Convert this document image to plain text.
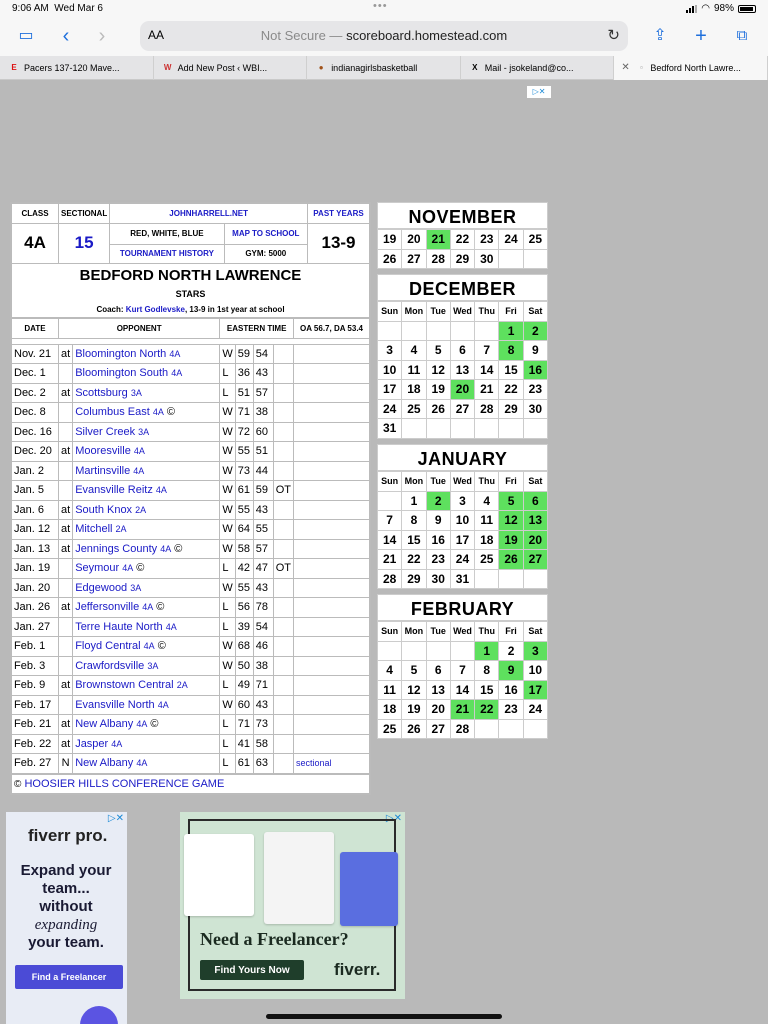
9:06 AM Wed Mar 6	•••	◠ 98%
▭	‹	›	AA	Not Secure — scoreboard.homestead.com	↻	⇪	+	⧉
E Pacers 137-120 Mave...	W Add New Post ‹ WBI...	● indianagirlsbasketball	X Mail - jsokeland@co...	✕	▫ Bedford North Lawre...
▷✕
CLASS	SECTIONAL	JOHNHARRELL.NET		PAST YEARS
4A	15	RED, WHITE, BLUE	MAP TO SCHOOL	13-9
		TOURNAMENT HISTORY	GYM: 5000	

BEDFORD NORTH LAWRENCE
STARS
Coach: Kurt Godlevske, 13-9 in 1st year at school				
DATE	OPPONENT		EASTERN TIME				OA 56.7, DA 53.4

Nov. 21	at	Bloomington North 4A	W	59	54		
Dec. 1		Bloomington South 4A	L	36	43		
Dec. 2	at	Scottsburg 3A	L	51	57		
Dec. 8		Columbus East 4A ©	W	71	38		
Dec. 16		Silver Creek 3A	W	72	60		
Dec. 20	at	Mooresville 4A	W	55	51		
Jan. 2		Martinsville 4A	W	73	44		
Jan. 5		Evansville Reitz 4A	W	61	59	OT	
Jan. 6	at	South Knox 2A	W	55	43		
Jan. 12	at	Mitchell 2A	W	64	55		
Jan. 13	at	Jennings County 4A ©	W	58	57		
Jan. 19		Seymour 4A ©	L	42	47	OT	
Jan. 20		Edgewood 3A	W	55	43		
Jan. 26	at	Jeffersonville 4A ©	L	56	78		
Jan. 27		Terre Haute North 4A	L	39	54		
Feb. 1		Floyd Central 4A ©	W	68	46		
Feb. 3		Crawfordsville 3A	W	50	38		
Feb. 9	at	Brownstown Central 2A	L	49	71		
Feb. 17		Evansville North 4A	W	60	43		
Feb. 21	at	New Albany 4A ©	L	71	73		
Feb. 22	at	Jasper 4A	L	41	58		
Feb. 27	N	New Albany 4A	L	61	63		sectional
© HOOSIER HILLS CONFERENCE GAME
NOVEMBER
19	20	21	22	23	24	25
26	27	28	29	30		
DECEMBER
Sun	Mon	Tue	Wed	Thu	Fri	Sat
					1	2
3	4	5	6	7	8	9
10	11	12	13	14	15	16
17	18	19	20	21	22	23
24	25	26	27	28	29	30
31						
JANUARY
Sun	Mon	Tue	Wed	Thu	Fri	Sat
	1	2	3	4	5	6
7	8	9	10	11	12	13
14	15	16	17	18	19	20
21	22	23	24	25	26	27
28	29	30	31			
FEBRUARY
Sun	Mon	Tue	Wed	Thu	Fri	Sat
				1	2	3
4	5	6	7	8	9	10
11	12	13	14	15	16	17
18	19	20	21	22	23	24
25	26	27	28			
▷✕
fiverr pro.
Expand your team... without
expanding
your team.
Find a Freelancer
▷✕
Need a Freelancer?
Find Yours Now	fiverr.
